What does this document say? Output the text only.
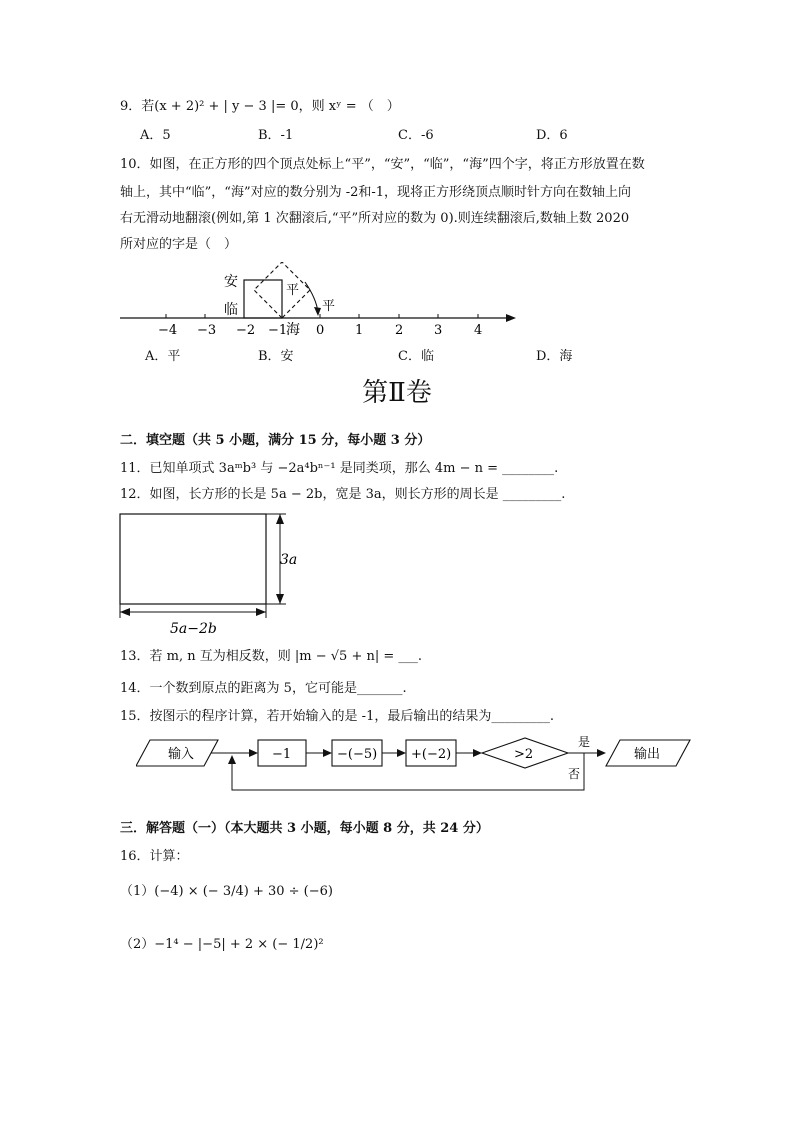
9．若(x + 2)² + | y − 3 |= 0，则 xʸ = （　）
A．5	B．-1	C．-6	D．6
10．如图，在正方形的四个顶点处标上“平”，“安”，“临”，“海”四个字，将正方形放置在数
轴上，其中“临”，“海”对应的数分别为 -2和-1，现将正方形绕顶点顺时针方向在数轴上向
右无滑动地翻滚(例如,第 1 次翻滚后,“平”所对应的数为 0).则连续翻滚后,数轴上数 2020
所对应的字是（　）
安
临
平
平
海
−4 −3 −2 −1 0 1 2 3 4
A．平	B．安	C．临	D．海
第Ⅱ卷
二．填空题（共 5 小题，满分 15 分，每小题 3 分）
11．已知单项式 3aᵐb³ 与 −2a⁴bⁿ⁻¹ 是同类项，那么 4m − n = ________.
12．如图，长方形的长是 5a − 2b，宽是 3a，则长方形的周长是 _________.
3a
5a−2b
13．若 m, n 互为相反数，则 |m − √5 + n| = ___.
14．一个数到原点的距离为 5，它可能是_______.
15．按图示的程序计算，若开始输入的是 -1，最后输出的结果为_________.
输入	−1	−(−5)	+(−2)	>2
是
输出
否
三．解答题（一）（本大题共 3 小题，每小题 8 分，共 24 分）
16．计算：
（1）(−4) × (− 3/4) + 30 ÷ (−6)
（2）−1⁴ − |−5| + 2 × (− 1/2)²
